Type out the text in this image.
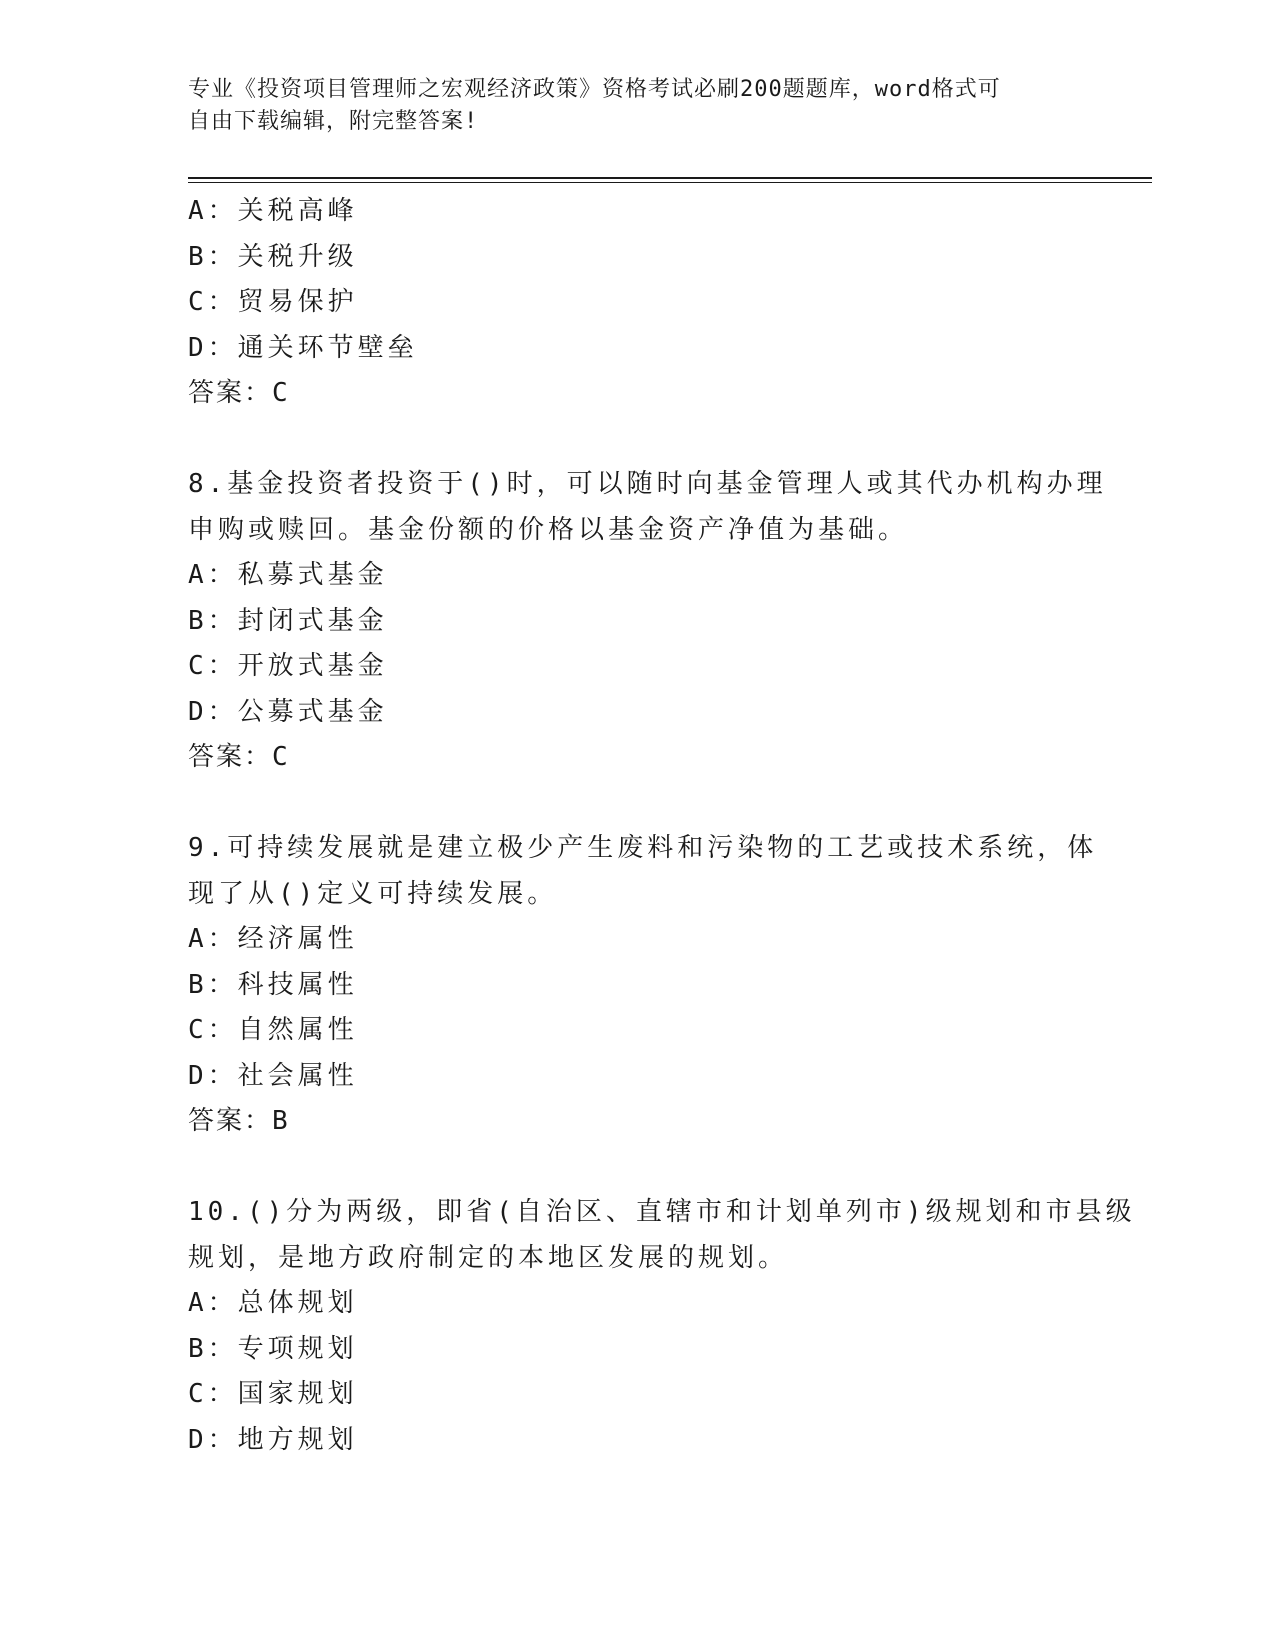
专业《投资项目管理师之宏观经济政策》资格考试必刷200题题库，word格式可
自由下载编辑，附完整答案!
A：关税高峰
B：关税升级
C：贸易保护
D：通关环节壁垒
答案：C
8.基金投资者投资于()时，可以随时向基金管理人或其代办机构办理
申购或赎回。基金份额的价格以基金资产净值为基础。
A：私募式基金
B：封闭式基金
C：开放式基金
D：公募式基金
答案：C
9.可持续发展就是建立极少产生废料和污染物的工艺或技术系统，体
现了从()定义可持续发展。
A：经济属性
B：科技属性
C：自然属性
D：社会属性
答案：B
10.()分为两级，即省(自治区、直辖市和计划单列市)级规划和市县级
规划，是地方政府制定的本地区发展的规划。
A：总体规划
B：专项规划
C：国家规划
D：地方规划
